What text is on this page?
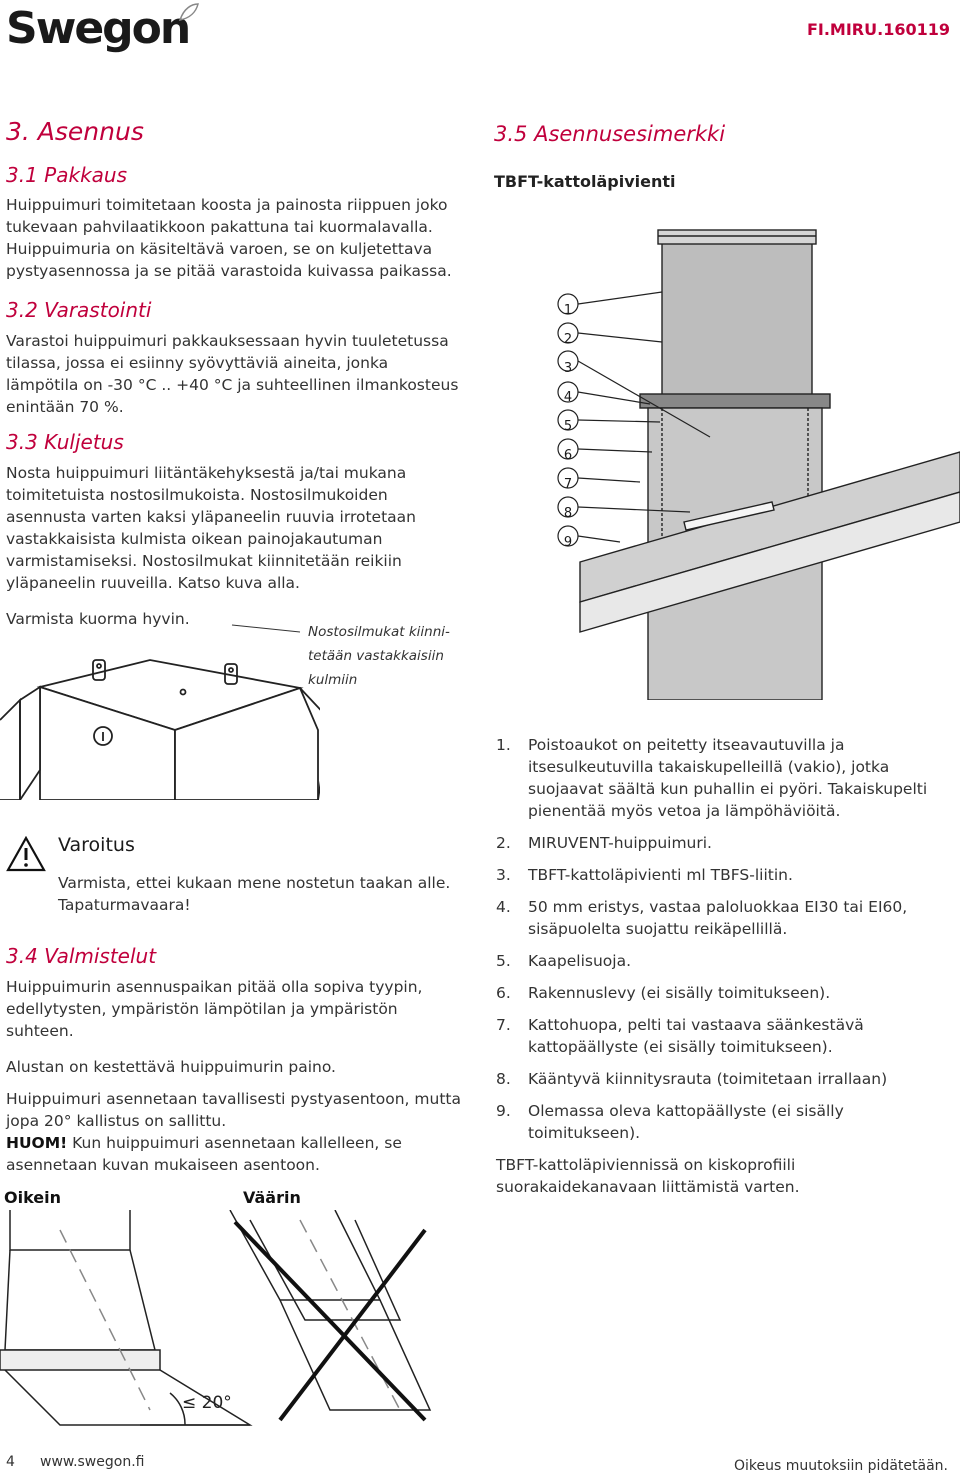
Swegon	FI.MIRU.160119
3. Asennus
3.1 Pakkaus
Huippuimuri toimitetaan koosta ja painosta riippuen joko tukevaan pahvilaatikkoon pakattuna tai kuormalavalla. Huippuimuria on käsiteltävä varoen, se on kuljetettava pystyasennossa ja se pitää varastoida kuivassa paikassa.
3.2 Varastointi
Varastoi huippuimuri pakkauksessaan hyvin tuuletetussa tilassa, jossa ei esiinny syövyttäviä aineita, jonka lämpötila on -30 °C .. +40 °C ja suhteellinen ilmankosteus enintään 70 %.
3.3 Kuljetus
Nosta huippuimuri liitäntäkehyksestä ja/tai mukana toimitetuista nostosilmukoista. Nostosilmukoiden asennusta varten kaksi yläpaneelin ruuvia irrotetaan vastakkaisista kulmista oikean painojakautuman varmistamiseksi. Nostosilmukat kiinnitetään reikiin yläpaneelin ruuveilla. Katso kuva alla.
Varmista kuorma hyvin.
Nostosilmukat kiinni-
tetään vastakkaisiin
kulmiin
Varoitus
Varmista, ettei kukaan mene nostetun taakan alle. Tapaturmavaara!
3.4 Valmistelut
Huippuimurin asennuspaikan pitää olla sopiva tyypin, edellytysten, ympäristön lämpötilan ja ympäristön suhteen.
Alustan on kestettävä huippuimurin paino.
Huippuimuri asennetaan tavallisesti pystyasentoon, mutta jopa 20° kallistus on sallittu.
HUOM! Kun huippuimuri asennetaan kallelleen, se asennetaan kuvan mukaiseen asentoon.
Oikein	Väärin
≤ 20°
3.5 Asennusesimerkki
TBFT-kattoläpivienti
1
2
3
4
5
6
7
8
9
1. Poistoaukot on peitetty itseavautuvilla ja itsesulkeutuvilla takaiskupelleillä (vakio), jotka suojaavat säältä kun puhallin ei pyöri. Takaiskupelti pienentää myös vetoa ja lämpöhäviöitä.
2. MIRUVENT-huippuimuri.
3. TBFT-kattoläpivienti ml TBFS-liitin.
4. 50 mm eristys, vastaa paloluokkaa EI30 tai EI60, sisäpuolelta suojattu reikäpellillä.
5. Kaapelisuoja.
6. Rakennuslevy (ei sisälly toimitukseen).
7. Kattohuopa, pelti tai vastaava säänkestävä kattopäällyste (ei sisälly toimitukseen).
8. Kääntyvä kiinnitysrauta (toimitetaan irrallaan)
9. Olemassa oleva kattopäällyste (ei sisälly toimitukseen).
TBFT-kattoläpiviennissä on kiskoprofiili suorakaidekanavaan liittämistä varten.
4 www.swegon.fi	Oikeus muutoksiin pidätetään.
